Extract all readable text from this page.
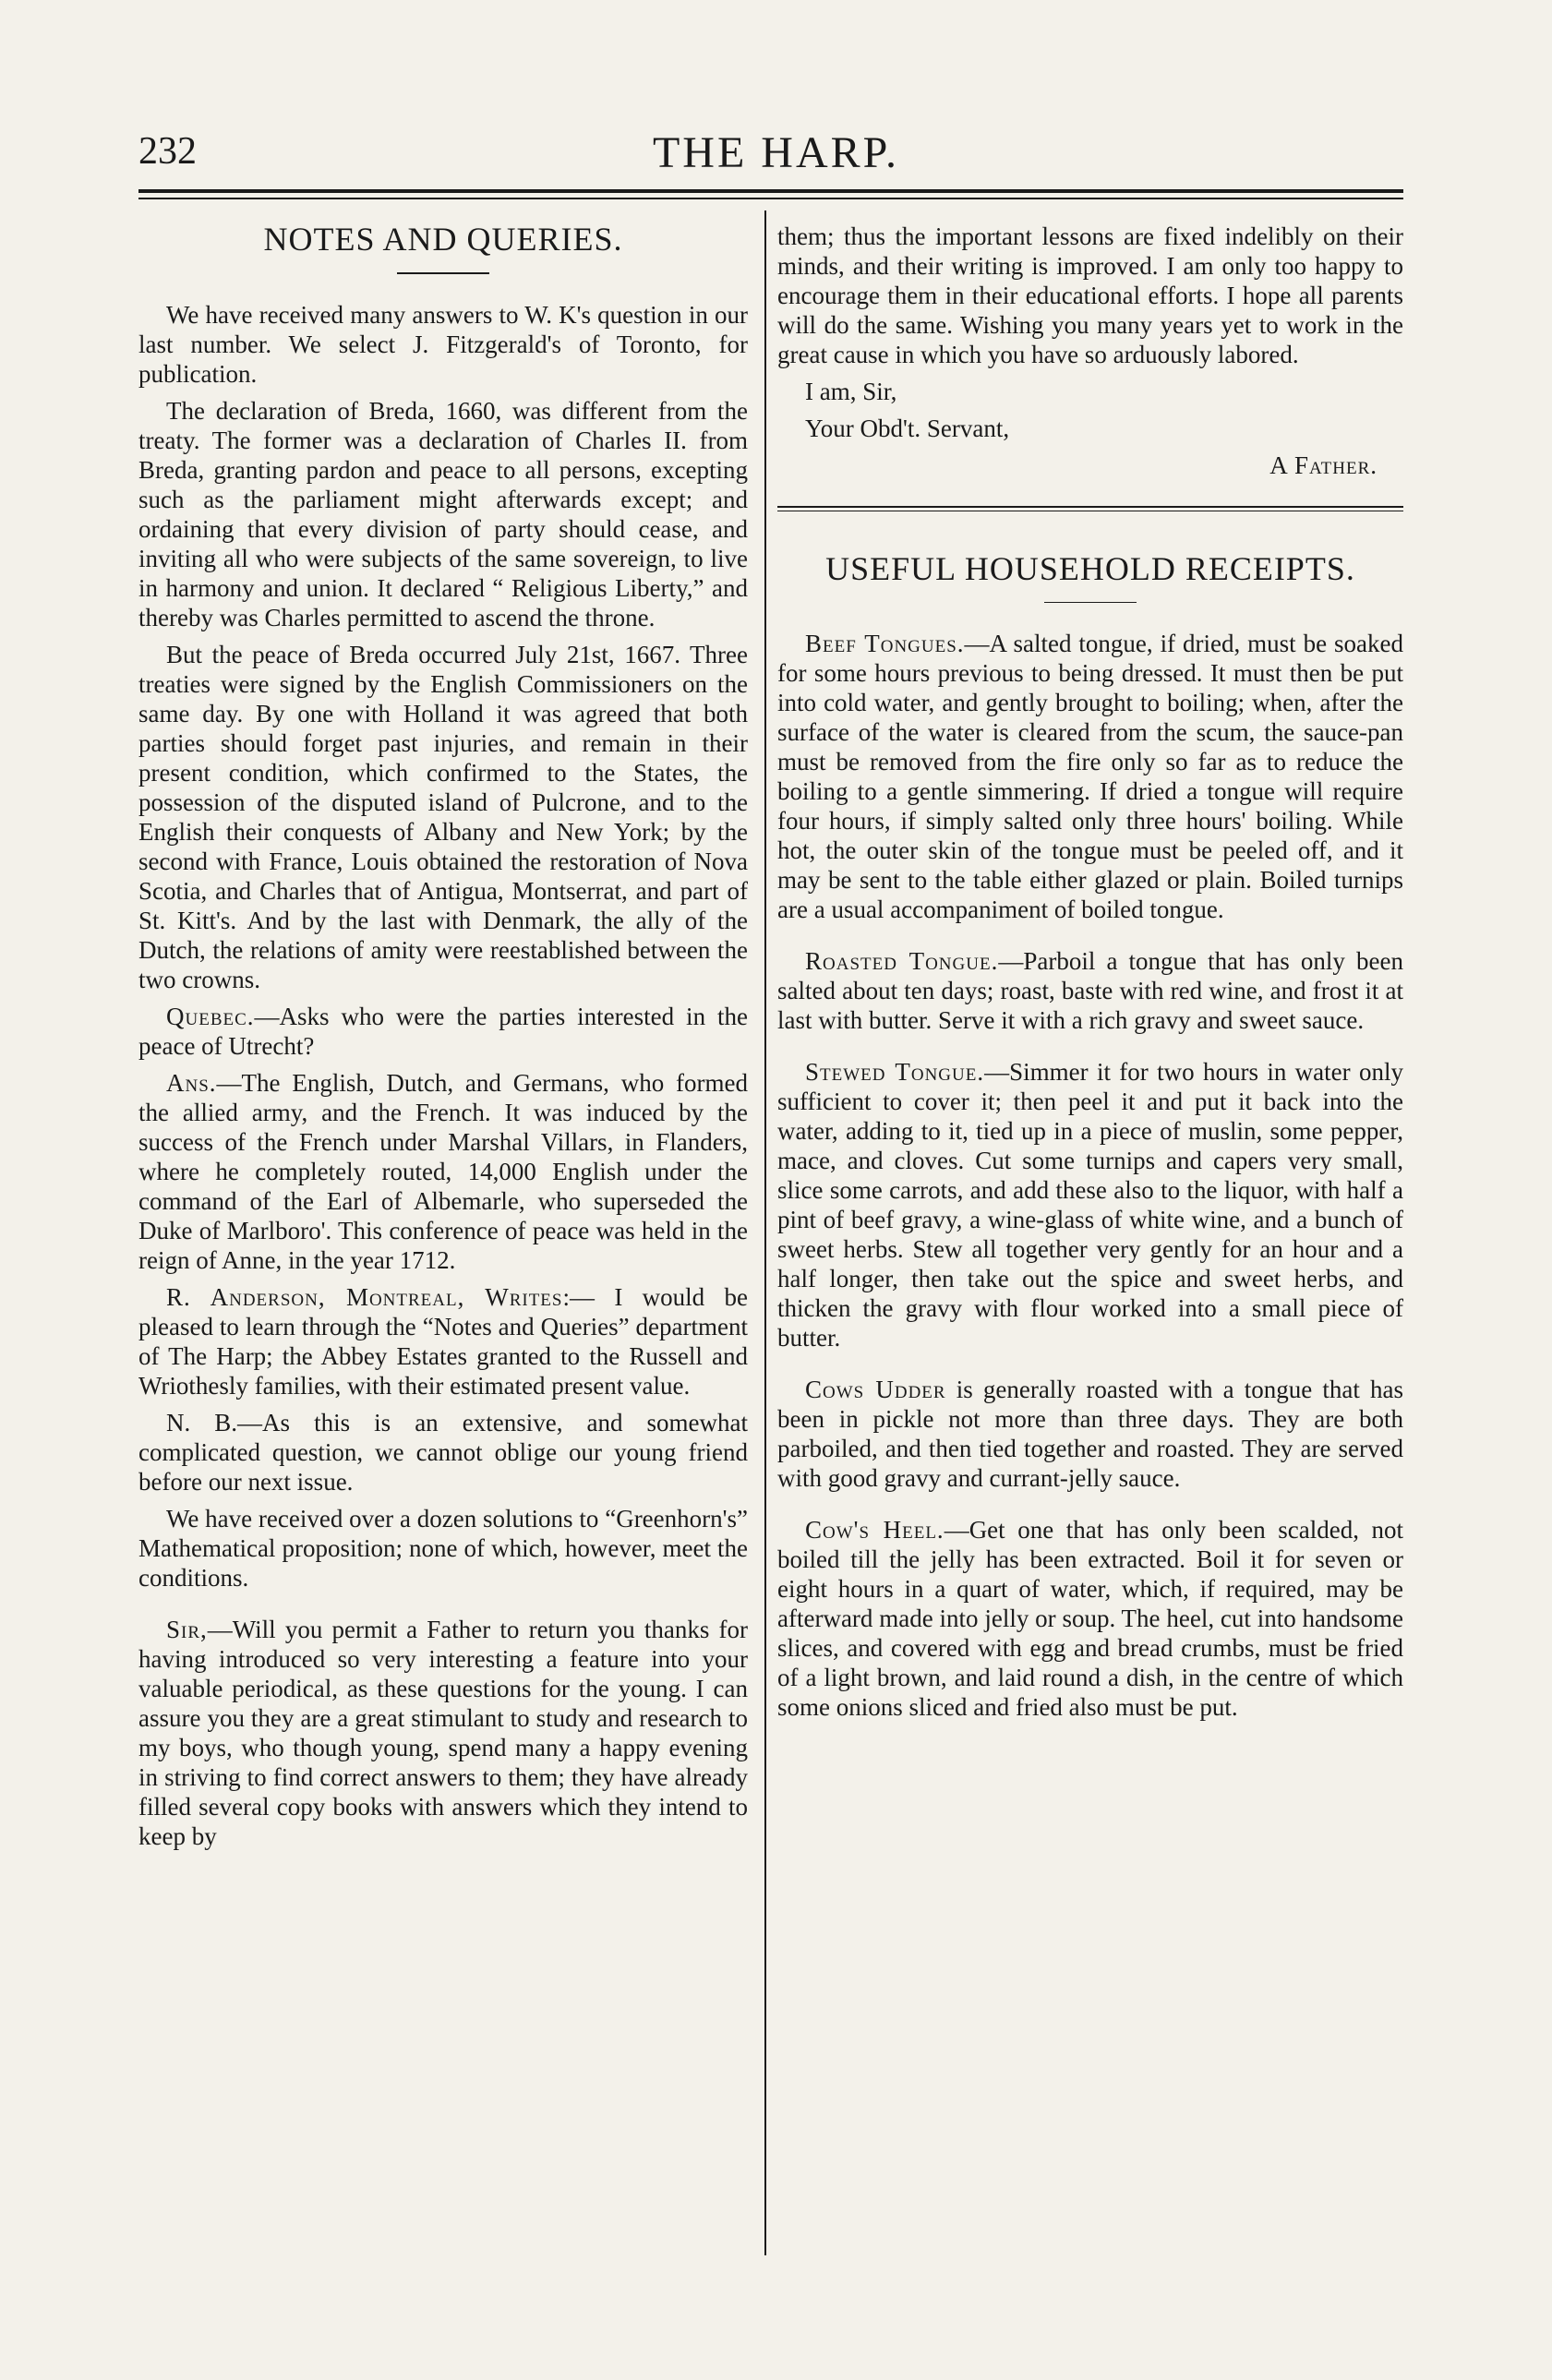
232	THE HARP.
NOTES AND QUERIES.

We have received many answers to W. K's question in our last number. We select J. Fitzgerald's of Toronto, for publication.

The declaration of Breda, 1660, was different from the treaty. The former was a declaration of Charles II. from Breda, granting pardon and peace to all persons, excepting such as the parliament might afterwards except; and ordaining that every division of party should cease, and inviting all who were subjects of the same sovereign, to live in harmony and union. It declared “ Religious Liberty,” and thereby was Charles permitted to ascend the throne.

But the peace of Breda occurred July 21st, 1667. Three treaties were signed by the English Commissioners on the same day. By one with Holland it was agreed that both parties should forget past injuries, and remain in their present condition, which confirmed to the States, the possession of the disputed island of Pulcrone, and to the English their conquests of Albany and New York; by the second with France, Louis obtained the restoration of Nova Scotia, and Charles that of Antigua, Montserrat, and part of St. Kitt's. And by the last with Denmark, the ally of the Dutch, the relations of amity were reestablished between the two crowns.

Quebec.—Asks who were the parties interested in the peace of Utrecht?

Ans.—The English, Dutch, and Germans, who formed the allied army, and the French. It was induced by the success of the French under Marshal Villars, in Flanders, where he completely routed, 14,000 English under the command of the Earl of Albemarle, who superseded the Duke of Marlboro'. This conference of peace was held in the reign of Anne, in the year 1712.

R. Anderson, Montreal, Writes:— I would be pleased to learn through the “Notes and Queries” department of The Harp; the Abbey Estates granted to the Russell and Wriothesly families, with their estimated present value.

N. B.—As this is an extensive, and somewhat complicated question, we cannot oblige our young friend before our next issue.

We have received over a dozen solutions to “Greenhorn's” Mathematical proposition; none of which, however, meet the conditions.

Sir,—Will you permit a Father to return you thanks for having introduced so very interesting a feature into your valuable periodical, as these questions for the young. I can assure you they are a great stimulant to study and research to my boys, who though young, spend many a happy evening in striving to find correct answers to them; they have already filled several copy books with answers which they intend to keep by

them; thus the important lessons are fixed indelibly on their minds, and their writing is improved. I am only too happy to encourage them in their educational efforts. I hope all parents will do the same. Wishing you many years yet to work in the great cause in which you have so arduously labored.

I am, Sir,

Your Obd't. Servant,

A Father.

USEFUL HOUSEHOLD RECEIPTS.

Beef Tongues.—A salted tongue, if dried, must be soaked for some hours previous to being dressed. It must then be put into cold water, and gently brought to boiling; when, after the surface of the water is cleared from the scum, the sauce-pan must be removed from the fire only so far as to reduce the boiling to a gentle simmering. If dried a tongue will require four hours, if simply salted only three hours' boiling. While hot, the outer skin of the tongue must be peeled off, and it may be sent to the table either glazed or plain. Boiled turnips are a usual accompaniment of boiled tongue.

Roasted Tongue.—Parboil a tongue that has only been salted about ten days; roast, baste with red wine, and frost it at last with butter. Serve it with a rich gravy and sweet sauce.

Stewed Tongue.—Simmer it for two hours in water only sufficient to cover it; then peel it and put it back into the water, adding to it, tied up in a piece of muslin, some pepper, mace, and cloves. Cut some turnips and capers very small, slice some carrots, and add these also to the liquor, with half a pint of beef gravy, a wine-glass of white wine, and a bunch of sweet herbs. Stew all together very gently for an hour and a half longer, then take out the spice and sweet herbs, and thicken the gravy with flour worked into a small piece of butter.

Cows Udder is generally roasted with a tongue that has been in pickle not more than three days. They are both parboiled, and then tied together and roasted. They are served with good gravy and currant-jelly sauce.

Cow's Heel.—Get one that has only been scalded, not boiled till the jelly has been extracted. Boil it for seven or eight hours in a quart of water, which, if required, may be afterward made into jelly or soup. The heel, cut into handsome slices, and covered with egg and bread crumbs, must be fried of a light brown, and laid round a dish, in the centre of which some onions sliced and fried also must be put.
